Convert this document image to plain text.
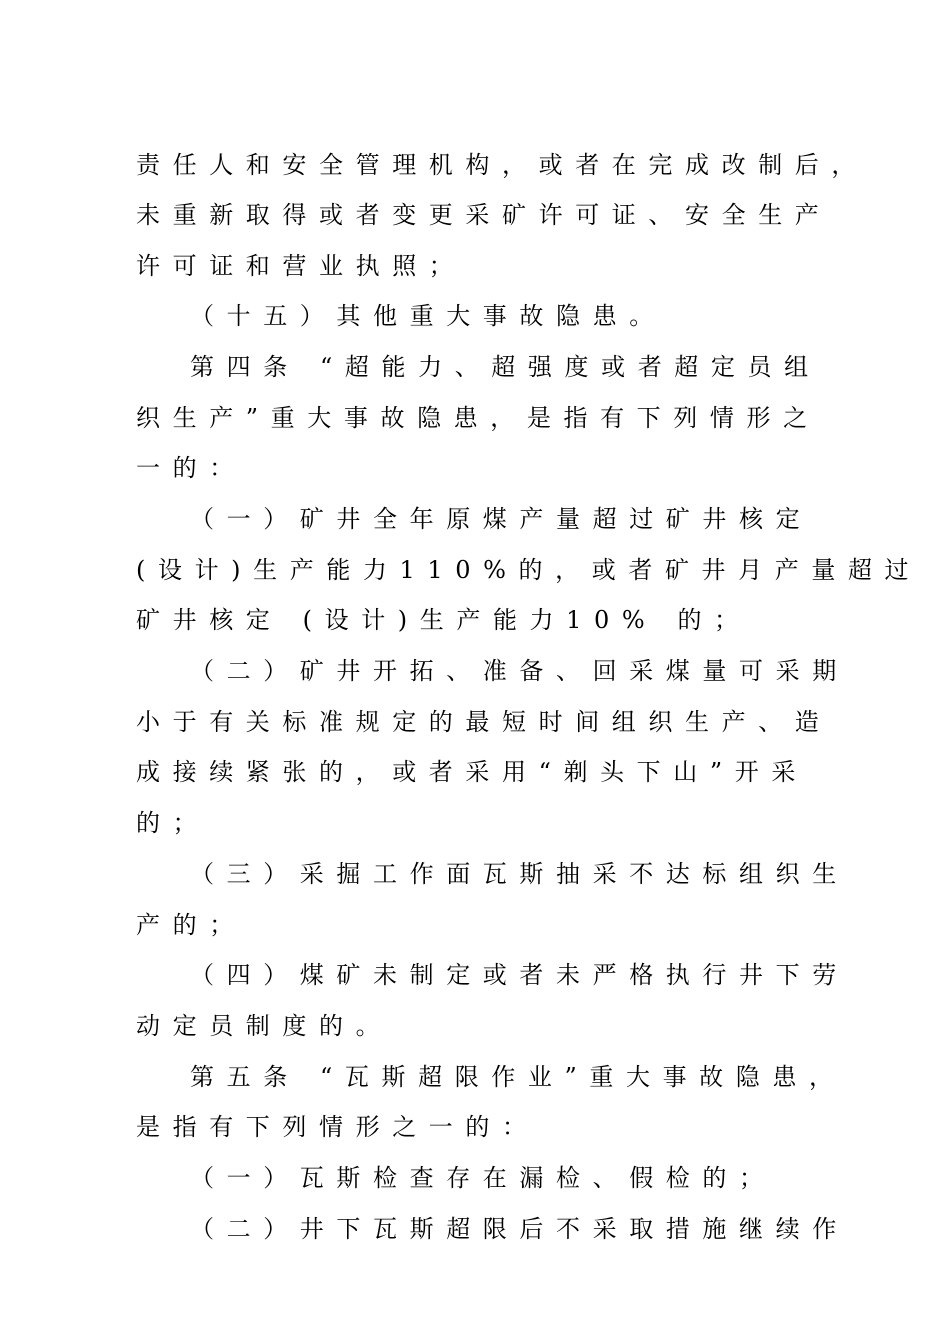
责任人和安全管理机构，或者在完成改制后，
未重新取得或者变更采矿许可证、安全生产
许可证和营业执照；
（十五）其他重大事故隐患。
第四条 “超能力、超强度或者超定员组
织生产”重大事故隐患，是指有下列情形之
一的：
（一）矿井全年原煤产量超过矿井核定
(设计)生产能力110%的，或者矿井月产量超过
矿井核定 (设计)生产能力10% 的；
（二）矿井开拓、准备、回采煤量可采期
小于有关标准规定的最短时间组织生产、造
成接续紧张的，或者采用“剃头下山”开采
的；
（三）采掘工作面瓦斯抽采不达标组织生
产的；
（四）煤矿未制定或者未严格执行井下劳
动定员制度的。
第五条 “瓦斯超限作业”重大事故隐患，
是指有下列情形之一的：
（一）瓦斯检查存在漏检、假检的；
（二）井下瓦斯超限后不采取措施继续作
